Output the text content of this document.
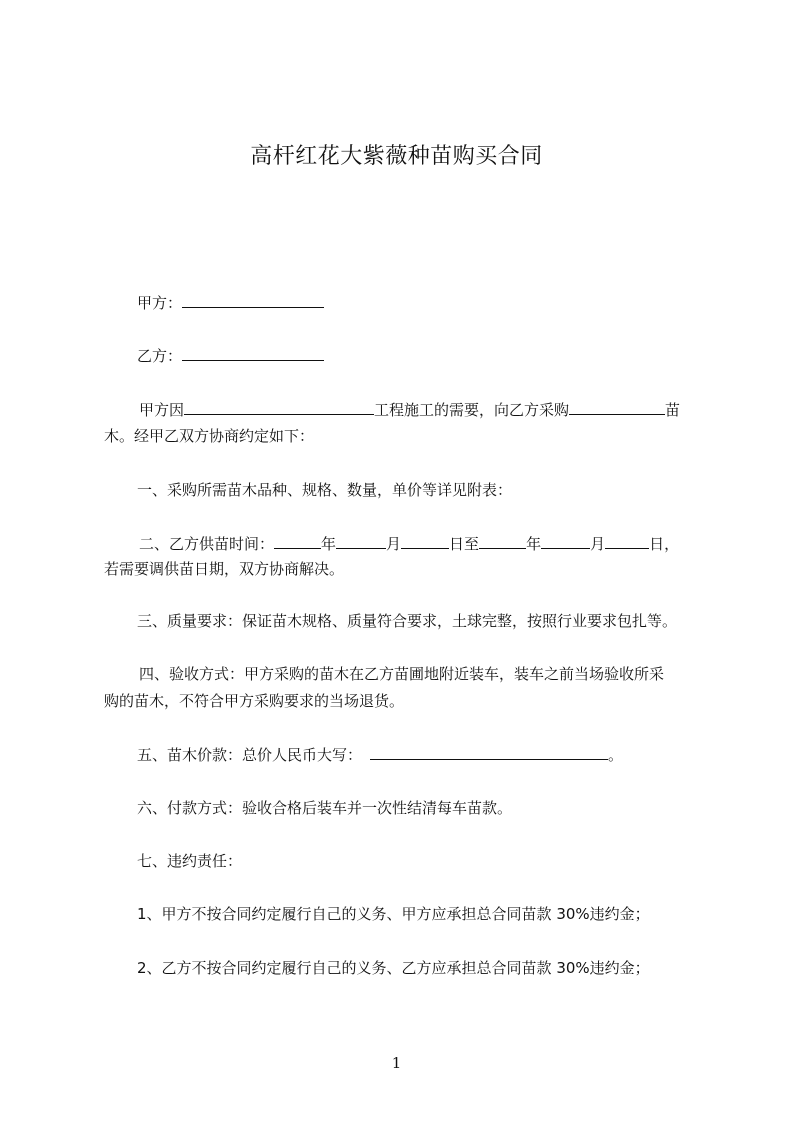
高杆红花大紫薇种苗购买合同
甲方：
乙方：
甲方因	工程施工的需要，向乙方采购	苗
木。经甲乙双方协商约定如下：
一、采购所需苗木品种、规格、数量，单价等详见附表：
二、乙方供苗时间：	年	月	日至	年	月	日，
若需要调供苗日期，双方协商解决。
三、质量要求：保证苗木规格、质量符合要求，土球完整，按照行业要求包扎等。
四、验收方式：甲方采购的苗木在乙方苗圃地附近装车，装车之前当场验收所采
购的苗木，不符合甲方采购要求的当场退货。
五、苗木价款：总价人民币大写：	。
六、付款方式：验收合格后装车并一次性结清每车苗款。
七、违约责任：
1、甲方不按合同约定履行自己的义务、甲方应承担总合同苗款 30%违约金；
2、乙方不按合同约定履行自己的义务、乙方应承担总合同苗款 30%违约金；
1
